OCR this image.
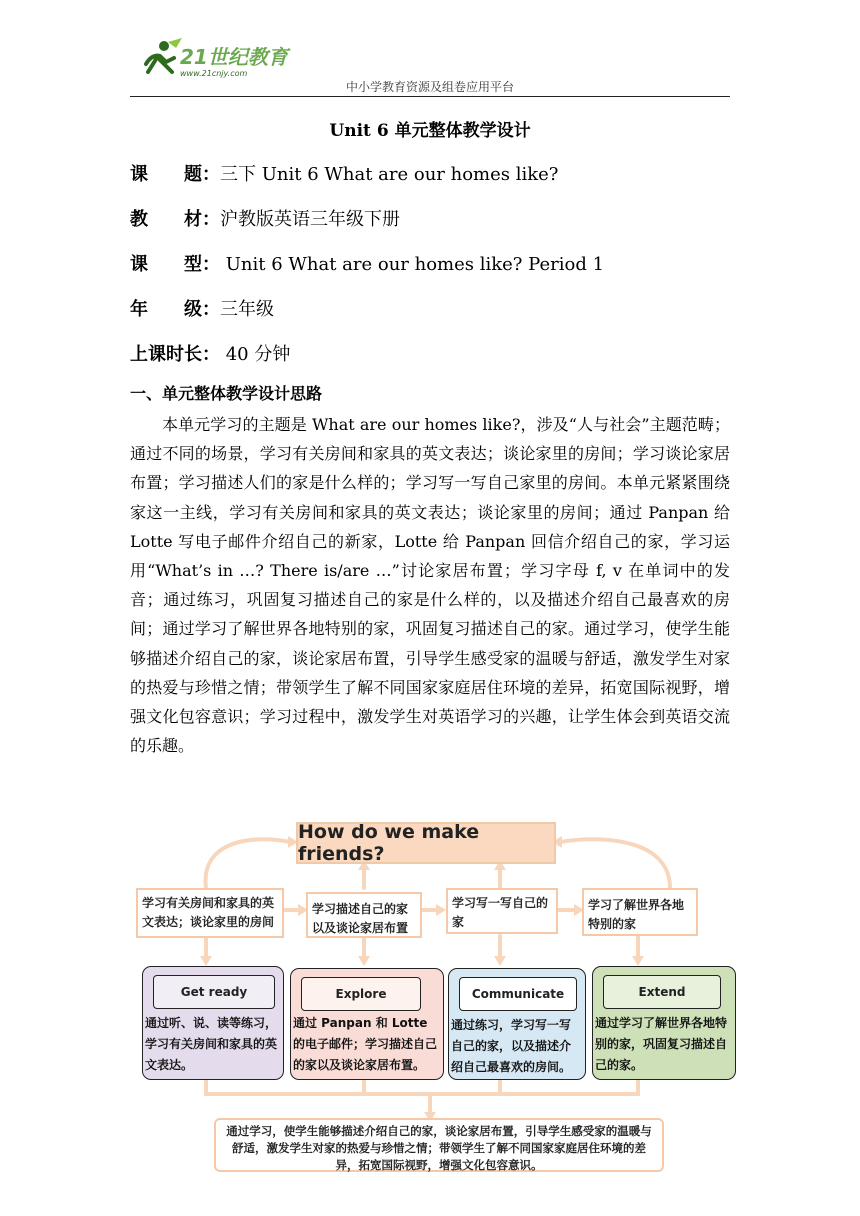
21世纪教育
www.21cnjy.com
中小学教育资源及组卷应用平台
Unit 6 单元整体教学设计
课　　题：三下 Unit 6 What are our homes like?
教　　材：沪教版英语三年级下册
课　　型： Unit 6 What are our homes like? Period 1
年　　级：三年级
上课时长： 40 分钟
一、单元整体教学设计思路
本单元学习的主题是 What are our homes like?，涉及“人与社会”主题范畴；通过不同的场景，学习有关房间和家具的英文表达；谈论家里的房间；学习谈论家居布置；学习描述人们的家是什么样的；学习写一写自己家里的房间。本单元紧紧围绕家这一主线，学习有关房间和家具的英文表达；谈论家里的房间；通过 Panpan 给 Lotte 写电子邮件介绍自己的新家，Lotte 给 Panpan 回信介绍自己的家，学习运用“What’s in …? There is/are …”讨论家居布置；学习字母 f, v 在单词中的发音；通过练习，巩固复习描述自己的家是什么样的，以及描述介绍自己最喜欢的房间；通过学习了解世界各地特别的家，巩固复习描述自己的家。通过学习，使学生能够描述介绍自己的家，谈论家居布置，引导学生感受家的温暖与舒适，激发学生对家的热爱与珍惜之情；带领学生了解不同国家家庭居住环境的差异，拓宽国际视野，增强文化包容意识；学习过程中，激发学生对英语学习的兴趣，让学生体会到英语交流的乐趣。
How do we make friends?
学习有关房间和家具的英文表达；谈论家里的房间
学习描述自己的家以及谈论家居布置
学习写一写自己的家
学习了解世界各地特别的家
Get ready
通过听、说、读等练习，学习有关房间和家具的英文表达。
Explore
通过 Panpan 和 Lotte 的电子邮件；学习描述自己的家以及谈论家居布置。
Communicate
通过练习，学习写一写自己的家，以及描述介绍自己最喜欢的房间。
Extend
通过学习了解世界各地特别的家，巩固复习描述自己的家。
通过学习，使学生能够描述介绍自己的家，谈论家居布置，引导学生感受家的温暖与舒适，激发学生对家的热爱与珍惜之情；带领学生了解不同国家家庭居住环境的差异，拓宽国际视野，增强文化包容意识。
